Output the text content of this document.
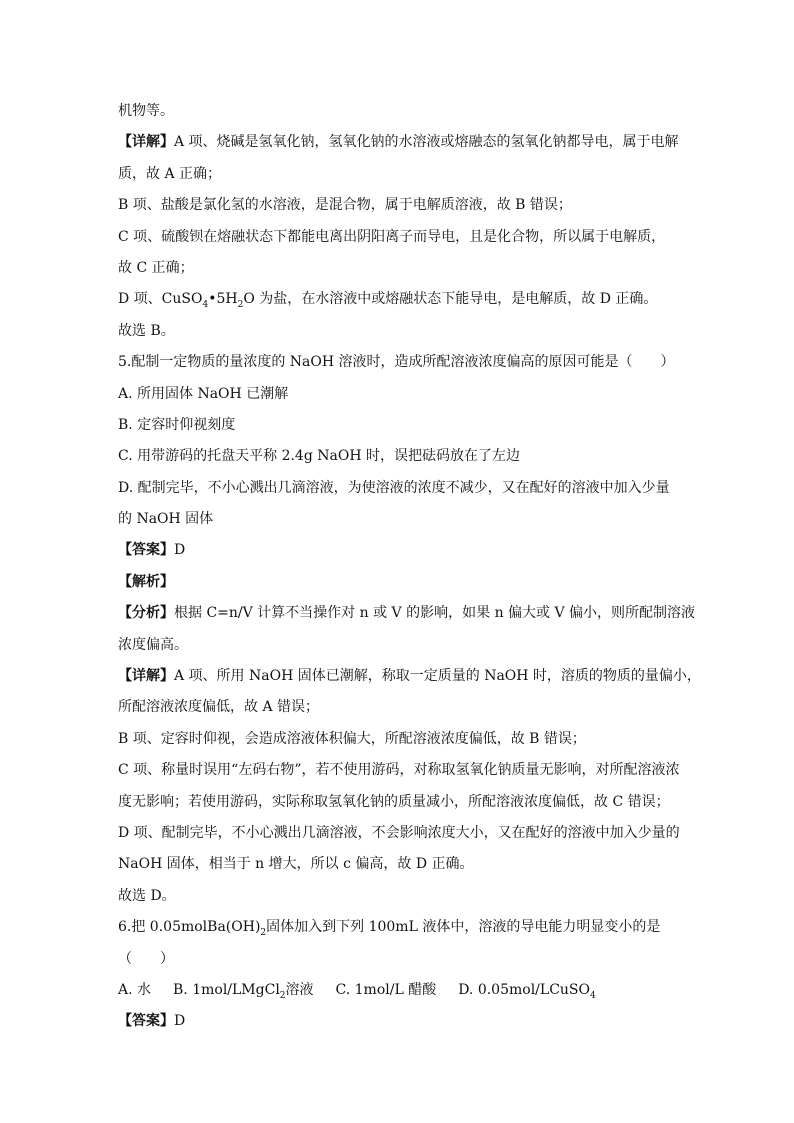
机物等。
【详解】A 项、烧碱是氢氧化钠，氢氧化钠的水溶液或熔融态的氢氧化钠都导电，属于电解
质，故 A 正确；
B 项、盐酸是氯化氢的水溶液，是混合物，属于电解质溶液，故 B 错误；
C 项、硫酸钡在熔融状态下都能电离出阴阳离子而导电，且是化合物，所以属于电解质，
故 C 正确；
D 项、$CuSO_4•5H_2O$ 为盐，在水溶液中或熔融状态下能导电，是电解质，故 D 正确。
故选 B。
5.配制一定物质的量浓度的 NaOH 溶液时，造成所配溶液浓度偏高的原因可能是（　　）
A. 所用固体 NaOH 已潮解
B. 定容时仰视刻度
C. 用带游码的托盘天平称 2.4g NaOH 时，误把砝码放在了左边
D. 配制完毕，不小心溅出几滴溶液，为使溶液的浓度不减少，又在配好的溶液中加入少量
的 NaOH 固体
【答案】D
【解析】
【分析】根据 C=n/V 计算不当操作对 n 或 V 的影响，如果 n 偏大或 V 偏小，则所配制溶液
浓度偏高。
【详解】A 项、所用 NaOH 固体已潮解，称取一定质量的 NaOH 时，溶质的物质的量偏小，
所配溶液浓度偏低，故 A 错误；
B 项、定容时仰视，会造成溶液体积偏大，所配溶液浓度偏低，故 B 错误；
C 项、称量时误用“左码右物”，若不使用游码，对称取氢氧化钠质量无影响，对所配溶液浓
度无影响；若使用游码，实际称取氢氧化钠的质量减小，所配溶液浓度偏低，故 C 错误；
D 项、配制完毕，不小心溅出几滴溶液，不会影响浓度大小，又在配好的溶液中加入少量的
NaOH 固体，相当于 n 增大，所以 c 偏高，故 D 正确。
故选 D。
6.把 $0.05molBa(OH)_2$固体加入到下列 100mL 液体中，溶液的导电能力明显变小的是
（　　）
A. 水 B. 1mol/LMgCl$_2$溶液 C. 1mol/L 醋酸 D. 0.05mol/LCuSO$_4$
【答案】D
